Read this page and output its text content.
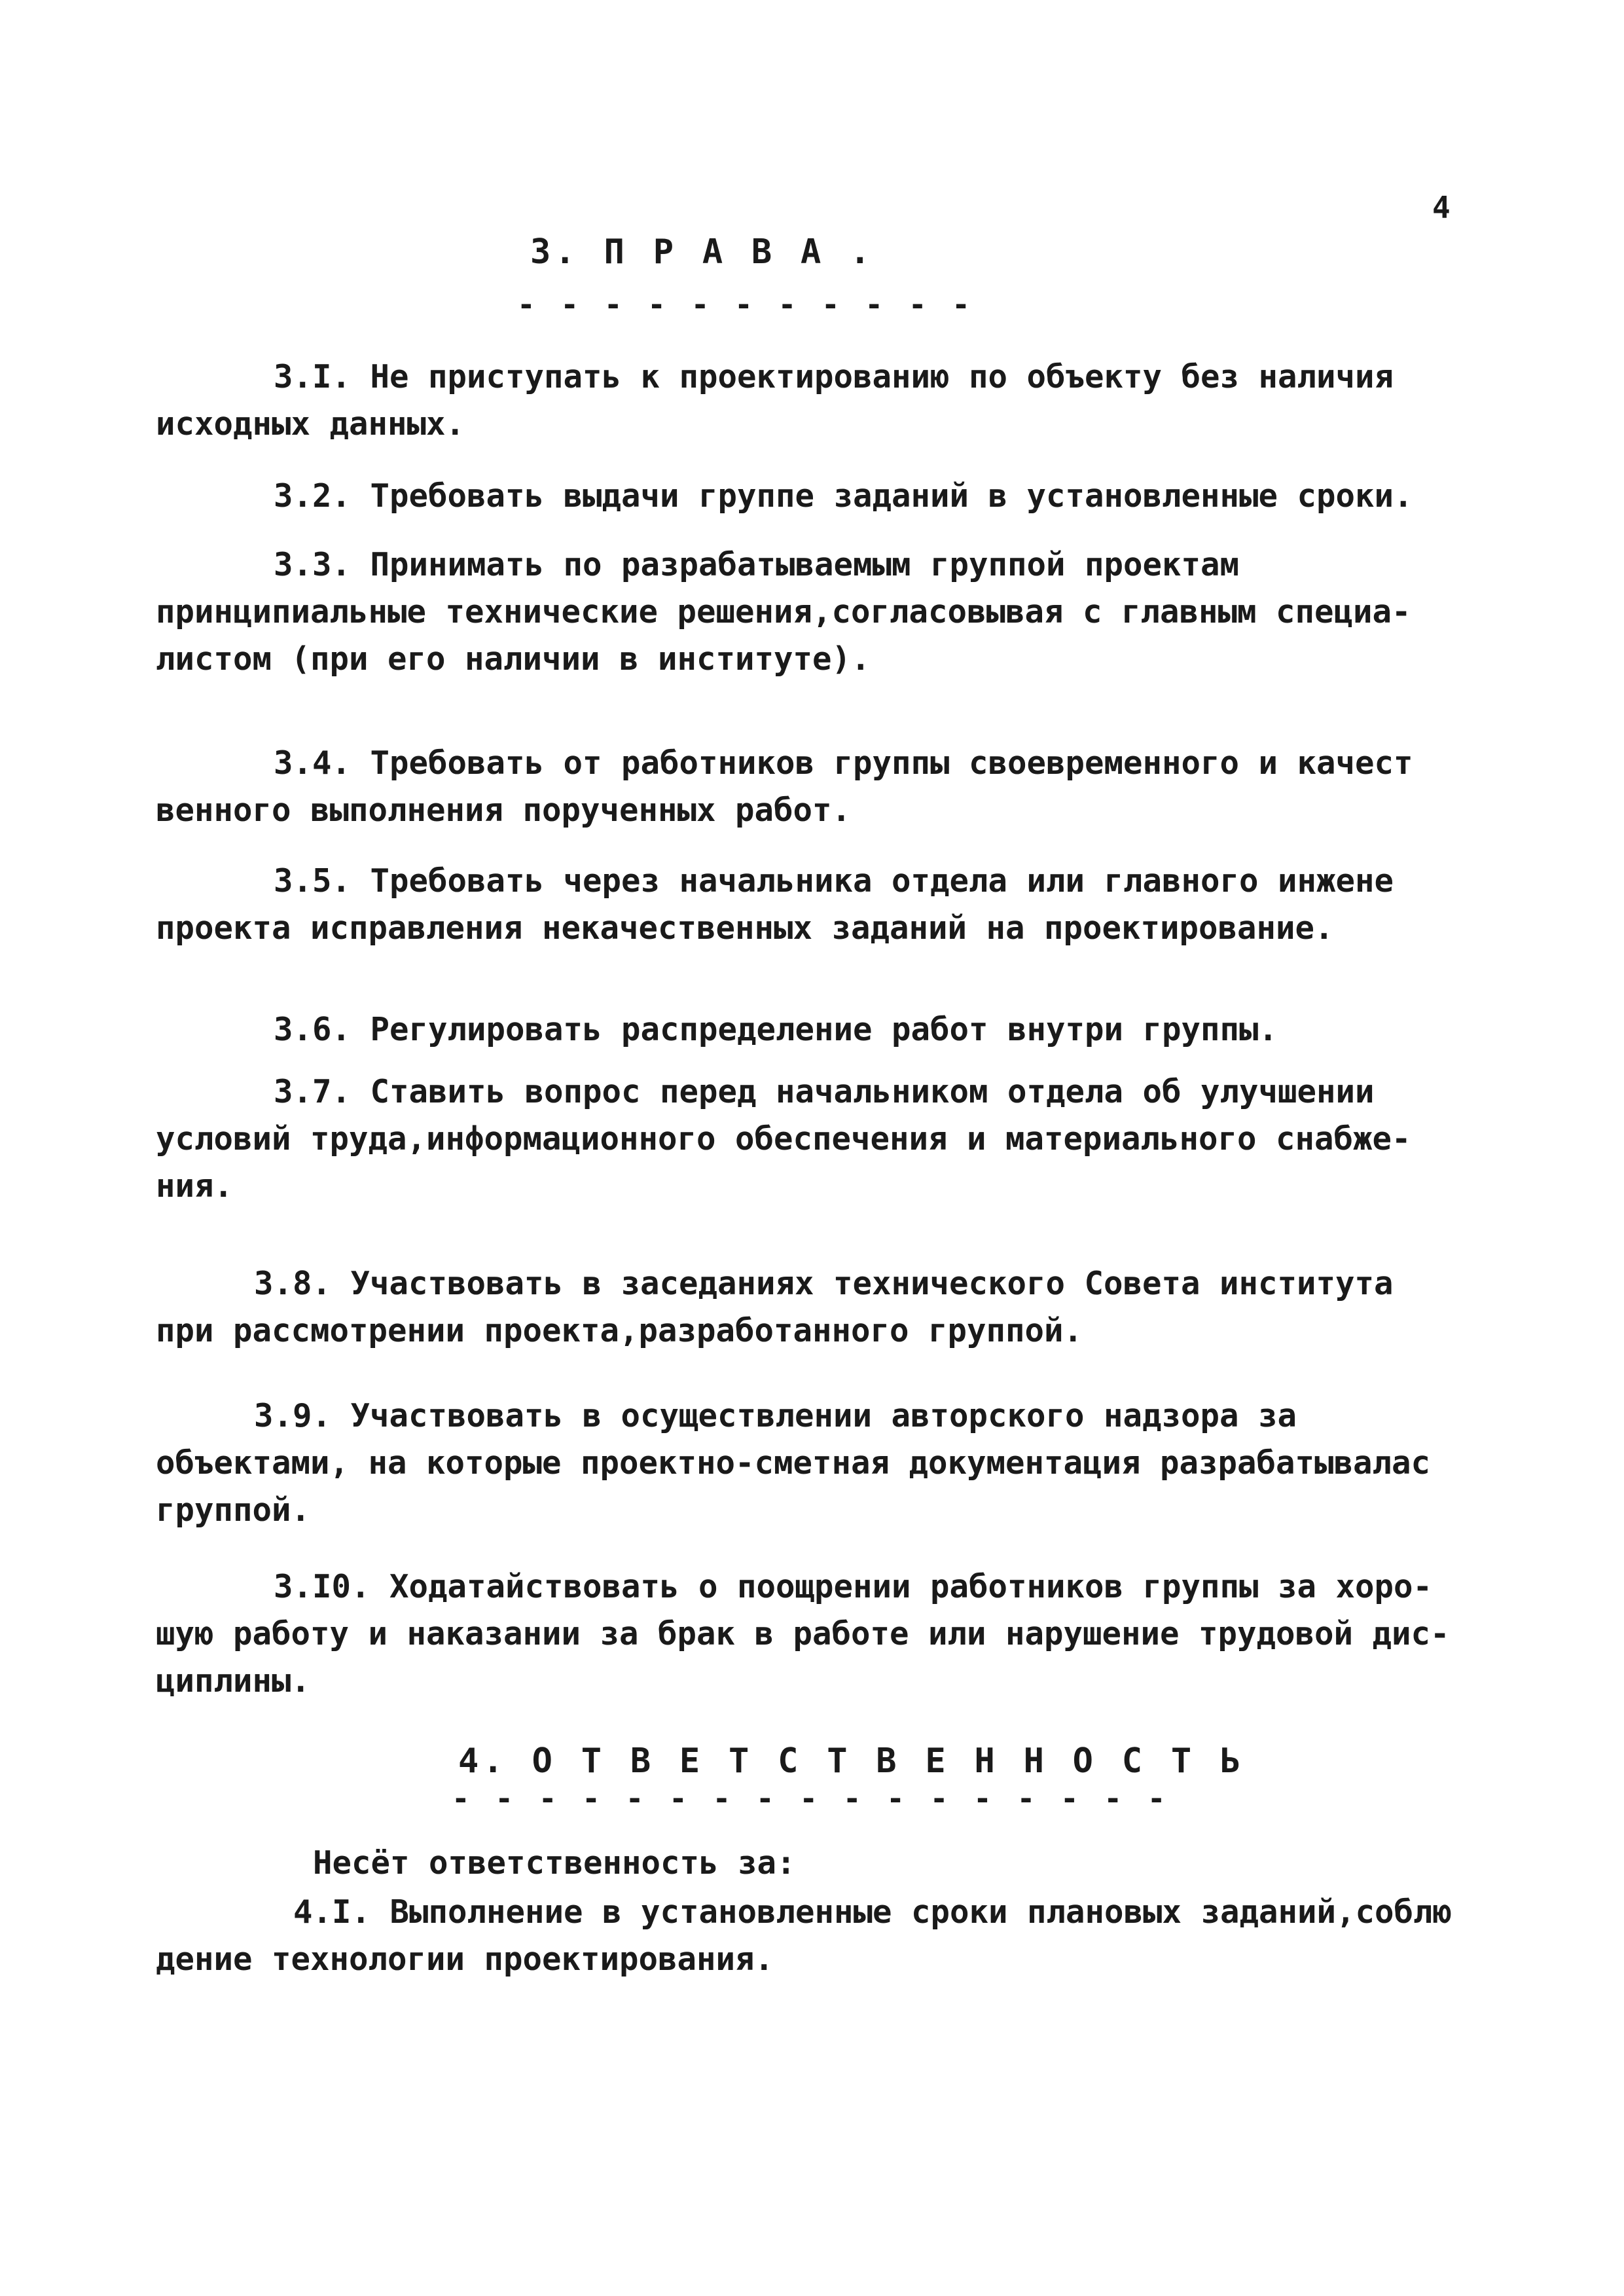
4

3. П Р А В А .

- - - - - - - - - - -

3.I. Не приступать к проектированию по объекту без наличия
исходных данных.

3.2. Требовать выдачи группе заданий в установленные сроки.

3.3. Принимать по разрабатываемым группой проектам
принципиальные технические решения,согласовывая с главным специа-
листом (при его наличии в институте).

3.4. Требовать от работников группы своевременного и качест
венного выполнения порученных работ.

3.5. Требовать через начальника отдела или главного инжене
проекта исправления некачественных заданий на проектирование.

3.6. Регулировать распределение работ внутри группы.

3.7. Ставить вопрос перед начальником отдела об улучшении
условий труда,информационного обеспечения и материального снабже-
ния.

3.8. Участвовать в заседаниях технического Совета института
при рассмотрении проекта,разработанного группой.

3.9. Участвовать в осуществлении авторского надзора за
объектами, на которые проектно-сметная документация разрабатывалас
группой.

3.I0. Ходатайствовать о поощрении работников группы за хоро-
шую работу и наказании за брак в работе или нарушение трудовой дис-
циплины.

4. О Т В Е Т С Т В Е Н Н О С Т Ь

- - - - - - - - - - - - - - - - -

Несёт ответственность за:

4.I. Выполнение в установленные сроки плановых заданий,соблю
дение технологии проектирования.
